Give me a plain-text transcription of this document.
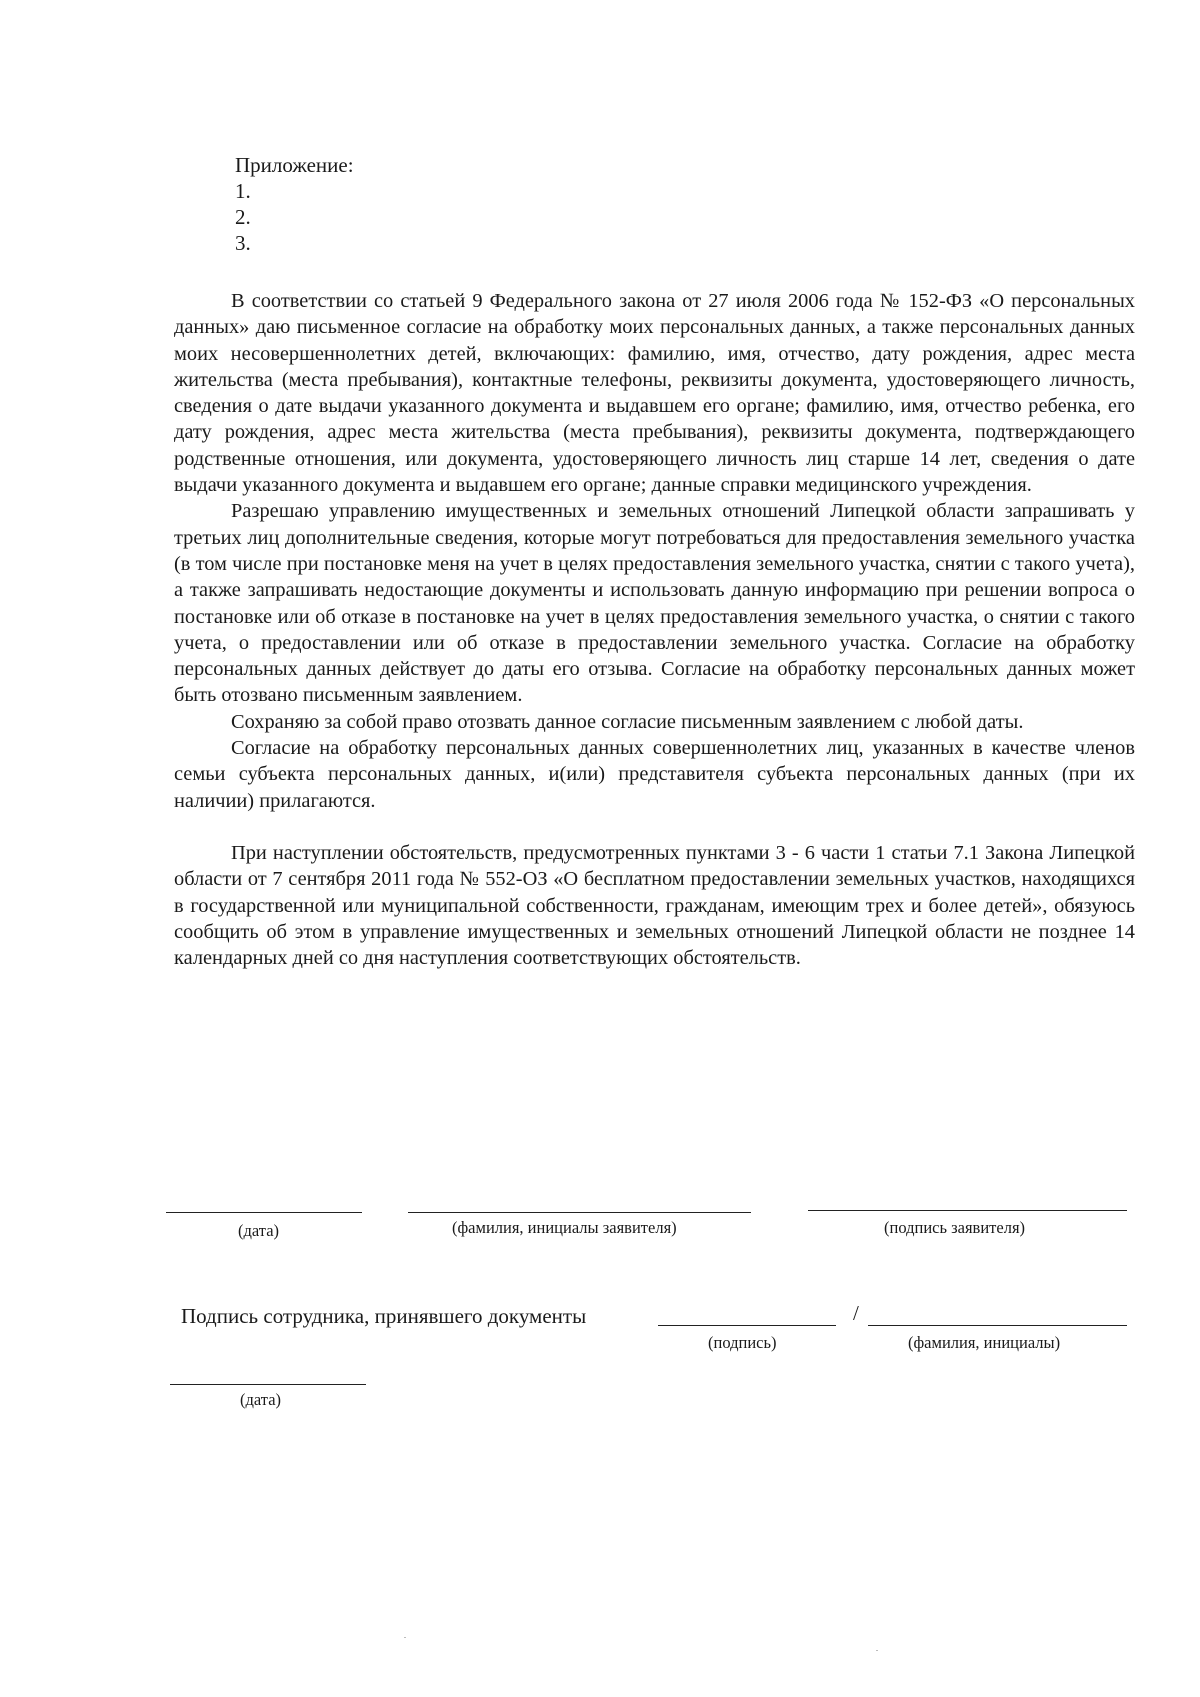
Приложение:
1.
2.
3.

В соответствии со статьей 9 Федерального закона от 27 июля 2006 года № 152-ФЗ «О персональных данных» даю письменное согласие на обработку моих персональных данных, а также персональных данных моих несовершеннолетних детей, включающих: фамилию, имя, отчество, дату рождения, адрес места жительства (места пребывания), контактные телефоны, реквизиты документа, удостоверяющего личность, сведения о дате выдачи указанного документа и выдавшем его органе; фамилию, имя, отчество ребенка, его дату рождения, адрес места жительства (места пребывания), реквизиты документа, подтверждающего родственные отношения, или документа, удостоверяющего личность лиц старше 14 лет, сведения о дате выдачи указанного документа и выдавшем его органе; данные справки медицинского учреждения.

Разрешаю управлению имущественных и земельных отношений Липецкой области запрашивать у третьих лиц дополнительные сведения, которые могут потребоваться для предоставления земельного участка (в том числе при постановке меня на учет в целях предоставления земельного участка, снятии с такого учета), а также запрашивать недостающие документы и использовать данную информацию при решении вопроса о постановке или об отказе в постановке на учет в целях предоставления земельного участка, о снятии с такого учета, о предоставлении или об отказе в предоставлении земельного участка. Согласие на обработку персональных данных действует до даты его отзыва. Согласие на обработку персональных данных может быть отозвано письменным заявлением.

Сохраняю за собой право отозвать данное согласие письменным заявлением с любой даты.

Согласие на обработку персональных данных совершеннолетних лиц, указанных в качестве членов семьи субъекта персональных данных, и(или) представителя субъекта персональных данных (при их наличии) прилагаются.

При наступлении обстоятельств, предусмотренных пунктами 3 - 6 части 1 статьи 7.1 Закона Липецкой области от 7 сентября 2011 года № 552-ОЗ «О бесплатном предоставлении земельных участков, находящихся в государственной или муниципальной собственности, гражданам, имеющим трех и более детей», обязуюсь сообщить об этом в управление имущественных и земельных отношений Липецкой области не позднее 14 календарных дней со дня наступления соответствующих обстоятельств.

(дата)	(фамилия, инициалы заявителя)	(подпись заявителя)
Подпись сотрудника, принявшего документы	/
(подпись)	(фамилия, инициалы)
(дата)
